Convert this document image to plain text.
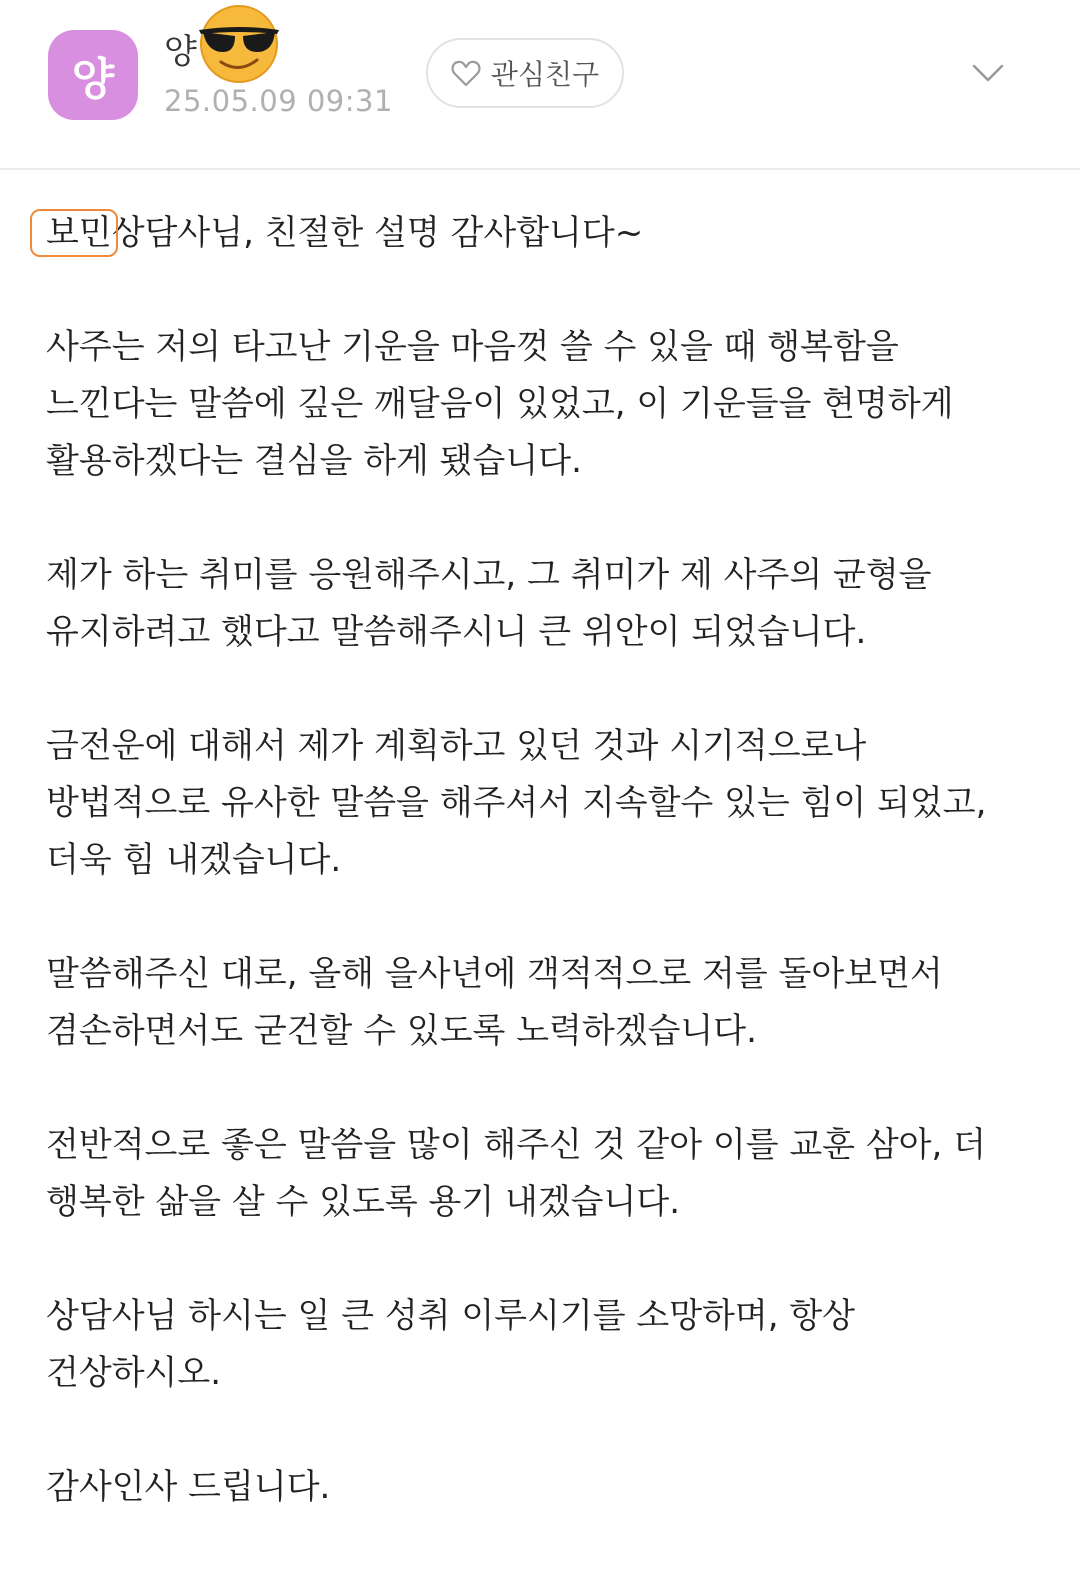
양
양
25.05.09 09:31
관심친구

보민상담사님, 친절한 설명 감사합니다~

사주는 저의 타고난 기운을 마음껏 쓸 수 있을 때 행복함을 느낀다는 말씀에 깊은 깨달음이 있었고, 이 기운들을 현명하게 활용하겠다는 결심을 하게 됐습니다.

제가 하는 취미를 응원해주시고, 그 취미가 제 사주의 균형을 유지하려고 했다고 말씀해주시니 큰 위안이 되었습니다.

금전운에 대해서 제가 계획하고 있던 것과 시기적으로나 방법적으로 유사한 말씀을 해주셔서 지속할수 있는 힘이 되었고, 더욱 힘 내겠습니다.

말씀해주신 대로, 올해 을사년에 객적적으로 저를 돌아보면서 겸손하면서도 굳건할 수 있도록 노력하겠습니다.

전반적으로 좋은 말씀을 많이 해주신 것 같아 이를 교훈 삼아, 더 행복한 삶을 살 수 있도록 용기 내겠습니다.

상담사님 하시는 일 큰 성취 이루시기를 소망하며, 항상 건상하시오.

감사인사 드립니다.
